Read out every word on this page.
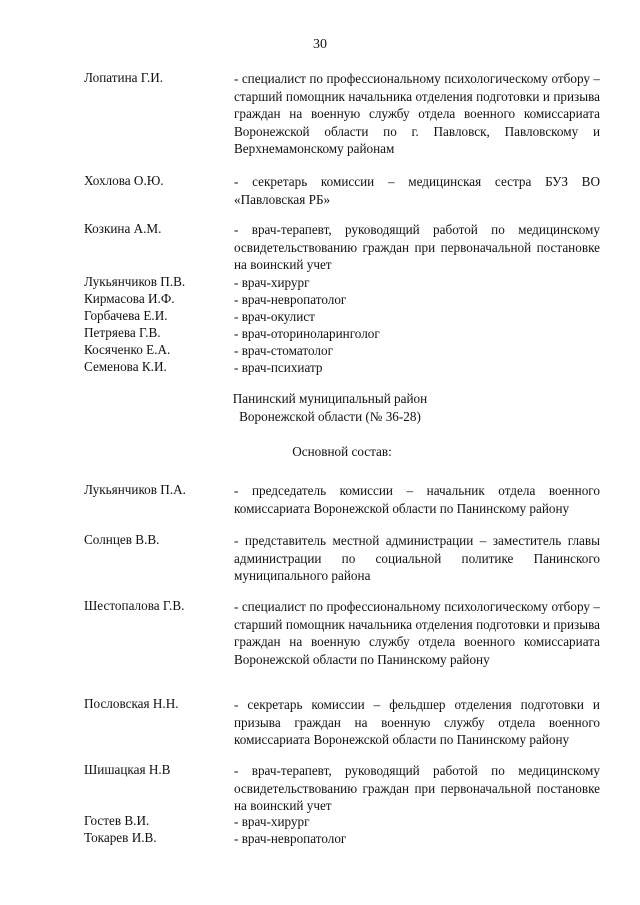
30
Лопатина Г.И.	- специалист по профессиональному психологическому отбору – старший помощник начальника отделения подготовки и призыва граждан на военную службу отдела военного комиссариата Воронежской области по г. Павловск, Павловскому и Верхнемамонскому районам
Хохлова О.Ю.	- секретарь комиссии – медицинская сестра БУЗ ВО «Павловская РБ»
Козкина А.М.	- врач-терапевт, руководящий работой по медицинскому освидетельствованию граждан при первоначальной постановке на воинский учет
Лукьянчиков П.В.	- врач-хирург
Кирмасова И.Ф.	- врач-невропатолог
Горбачева Е.И.	- врач-окулист
Петряева Г.В.	- врач-оториноларинголог
Косяченко Е.А.	- врач-стоматолог
Семенова К.И.	- врач-психиатр
Панинский муниципальный район
Воронежской области (№ 36-28)
Основной состав:
Лукьянчиков П.А.	- председатель комиссии – начальник отдела военного комиссариата Воронежской области по Панинскому району
Солнцев В.В.	- представитель местной администрации – заместитель главы администрации по социальной политике Панинского муниципального района
Шестопалова Г.В.	- специалист по профессиональному психологическому отбору – старший помощник начальника отделения подготовки и призыва граждан на военную службу отдела военного комиссариата Воронежской области по Панинскому району
Пословская Н.Н.	- секретарь комиссии – фельдшер отделения подготовки и призыва граждан на военную службу отдела военного комиссариата Воронежской области по Панинскому району
Шишацкая Н.В	- врач-терапевт, руководящий работой по медицинскому освидетельствованию граждан при первоначальной постановке на воинский учет
Гостев В.И.	- врач-хирург
Токарев И.В.	- врач-невропатолог
